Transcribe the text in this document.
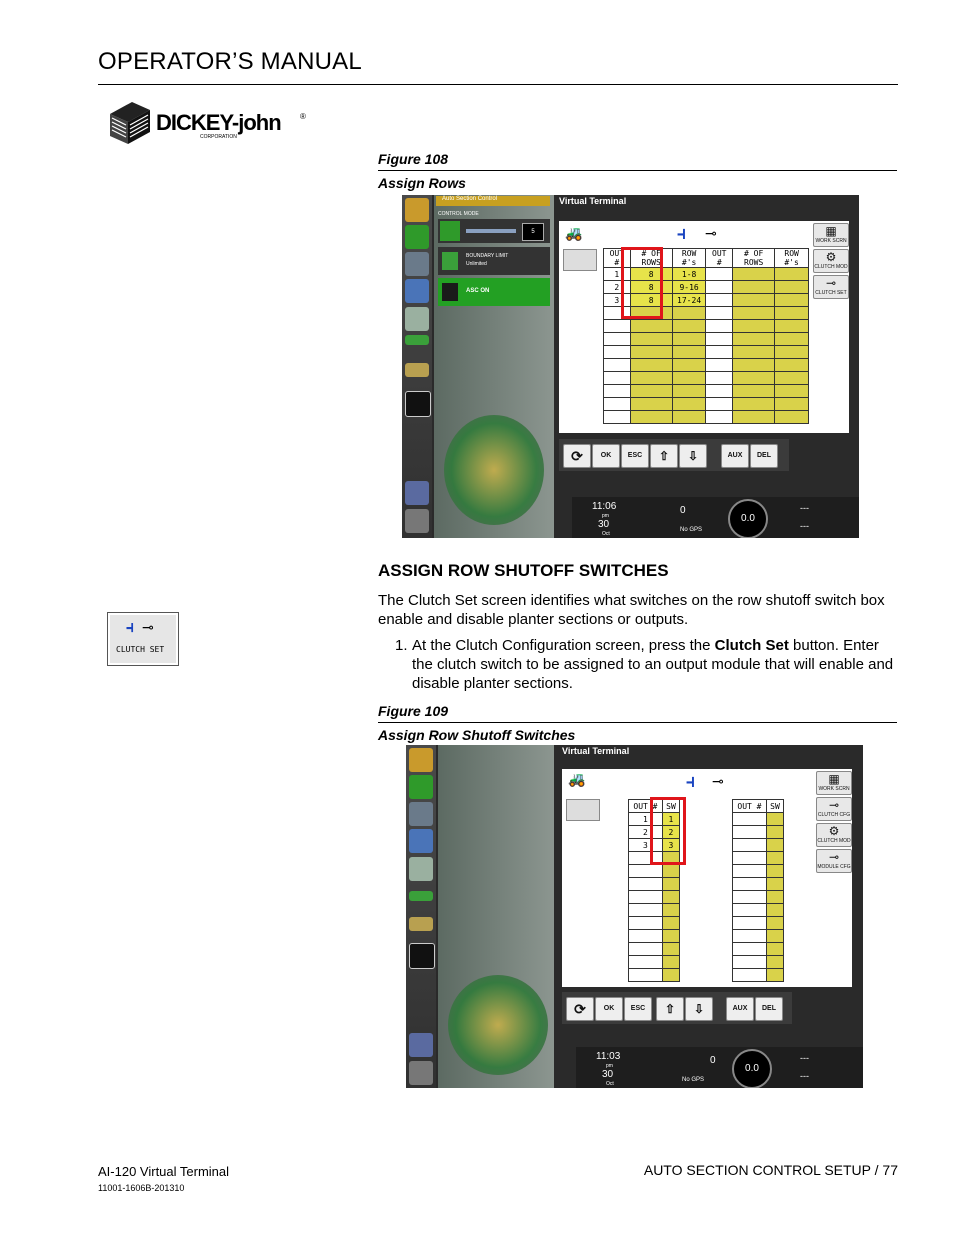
OPERATOR’S MANUAL
DICKEY-john ®
CORPORATION
Figure 108
Assign Rows
Auto Section Control
CONTROL MODE
5
BOUNDARY LIMIT
Unlimited
ASC ON
Virtual Terminal
🚜	⫞ ⊸
OUT #	# OF ROWS	ROW #'s	OUT #	# OF ROWS	ROW #'s
1	8	1-8			
2	8	9-16			
3	8	17-24			

▦
WORK SCRN
⚙
CLUTCH MOD
⊸
CLUTCH SET
⟳	OK	ESC	⇧	⇩	AUX	DEL
11:06
pm
30
Oct
0
No GPS
0.0
---
---
⫞ ⊸
CLUTCH SET
ASSIGN ROW SHUTOFF SWITCHES
The Clutch Set screen identifies what switches on the row shutoff switch box enable and disable planter sections or outputs.
1. At the Clutch Configuration screen, press the Clutch Set button. Enter the clutch switch to be assigned to an output module that will enable and disable planter sections.
Figure 109
Assign Row Shutoff Switches
Virtual Terminal
🚜	⫞ ⊸
OUT #	SW
1	1
2	2
3	3

OUT #	SW

▦
WORK SCRN
⊸
CLUTCH CFG
⚙
CLUTCH MOD
⊸
MODULE CFG
⟳	OK	ESC	⇧	⇩	AUX	DEL
11:03
pm
30
Oct
0
No GPS
0.0
---
---
AI-120 Virtual Terminal
11001-1606B-201310
AUTO SECTION CONTROL SETUP / 77
